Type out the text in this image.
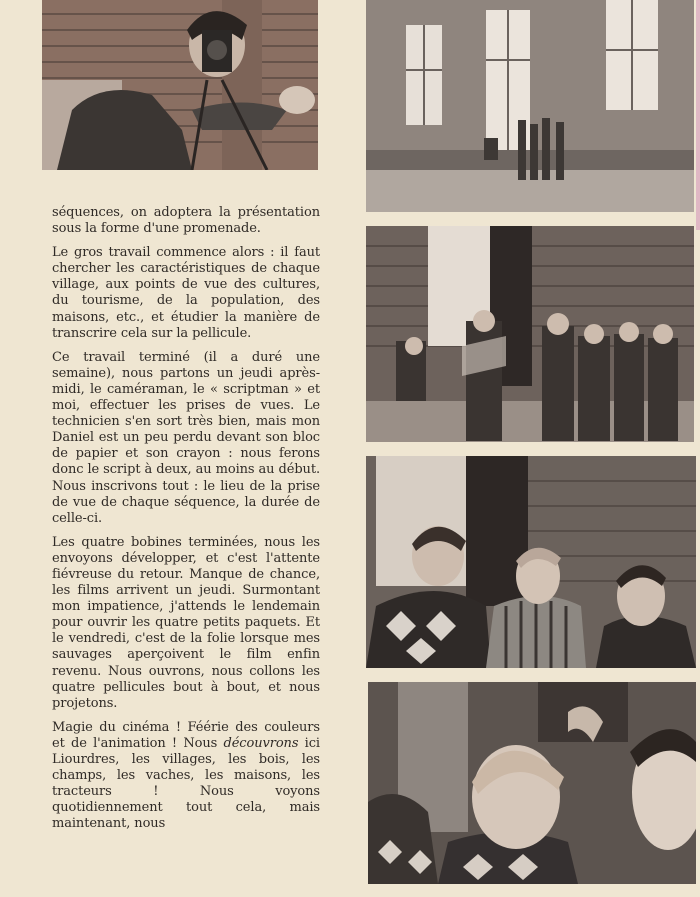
séquences, on adoptera la présentation sous la forme d'une promenade.

Le gros travail commence alors : il faut chercher les caractéristiques de chaque village, aux points de vue des cultures, du tourisme, de la population, des maisons, etc., et étudier la manière de transcrire cela sur la pellicule.

Ce travail terminé (il a duré une semaine), nous partons un jeudi après-midi, le caméraman, le « scriptman » et moi, effectuer les prises de vues. Le technicien s'en sort très bien, mais mon Daniel est un peu perdu devant son bloc de papier et son crayon : nous ferons donc le script à deux, au moins au début. Nous inscrivons tout : le lieu de la prise de vue de chaque séquence, la durée de celle-ci.

Les quatre bobines terminées, nous les envoyons développer, et c'est l'attente fiévreuse du retour. Manque de chance, les films arrivent un jeudi. Surmontant mon impatience, j'attends le lendemain pour ouvrir les quatre petits paquets. Et le vendredi, c'est de la folie lorsque mes sauvages aperçoivent le film enfin revenu. Nous ouvrons, nous collons les quatre pellicules bout à bout, et nous projetons.

Magie du cinéma ! Féérie des couleurs et de l'animation ! Nous découvrons ici Liourdres, les villages, les bois, les champs, les vaches, les maisons, les tracteurs ! Nous voyons quotidiennement tout cela, mais maintenant, nous
